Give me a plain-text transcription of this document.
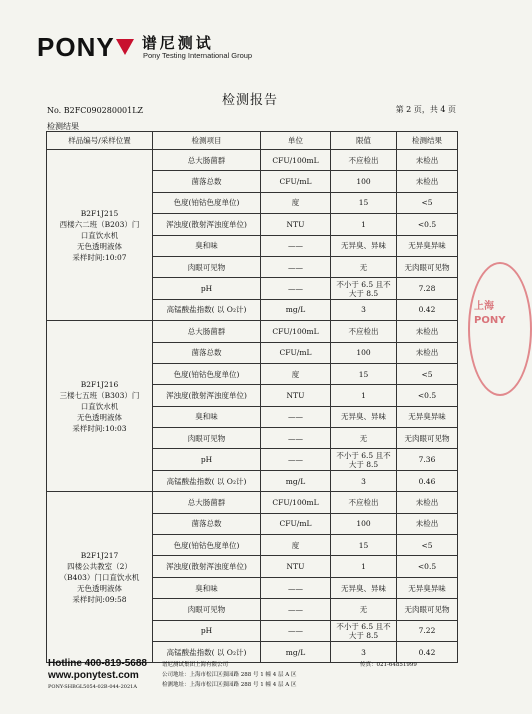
PONY 谱尼测试
Pony Testing International Group
检测报告
No. B2FC090280001LZ	第 2 页，共 4 页
检测结果
样品编号/采样位置	检测项目	单位	限值	检测结果

B2F1J215
西楼六二班（B203）门
口直饮水机
无色透明液体
采样时间:10:07	总大肠菌群	CFU/100mL	不应检出	未检出
	菌落总数	CFU/mL	100	未检出
	色度(铂钴色度单位)	度	15	<5
	浑浊度(散射浑浊度单位)	NTU	1	<0.5
	臭和味	——	无异臭、异味	无异臭异味
	肉眼可见物	——	无	无肉眼可见物
	pH	——	不小于 6.5 且不大于 8.5	7.28
	高锰酸盐指数( 以 O₂计)	mg/L	3	0.42

B2F1J216
三楼七五班（B303）门
口直饮水机
无色透明液体
采样时间:10:03	总大肠菌群	CFU/100mL	不应检出	未检出
	菌落总数	CFU/mL	100	未检出
	色度(铂钴色度单位)	度	15	<5
	浑浊度(散射浑浊度单位)	NTU	1	<0.5
	臭和味	——	无异臭、异味	无异臭异味
	肉眼可见物	——	无	无肉眼可见物
	pH	——	不小于 6.5 且不大于 8.5	7.36
	高锰酸盐指数( 以 O₂计)	mg/L	3	0.46

B2F1J217
四楼公共教室（2）
（B403）门口直饮水机
无色透明液体
采样时间:09:58	总大肠菌群	CFU/100mL	不应检出	未检出
	菌落总数	CFU/mL	100	未检出
	色度(铂钴色度单位)	度	15	<5
	浑浊度(散射浑浊度单位)	NTU	1	<0.5
	臭和味	——	无异臭、异味	无异臭异味
	肉眼可见物	——	无	无肉眼可见物
	pH	——	不小于 6.5 且不大于 8.5	7.22
	高锰酸盐指数( 以 O₂计)	mg/L	3	0.42
上海 PONY
Hotline 400-819-5688
www.ponytest.com
PONY-SHBGL5054-02B-044-2021A
谱尼测试集团上海有限公司
公司地址：上海市松江区强园路 288 号 1 幢 4 层 A 区
检测地址：上海市松江区强园路 288 号 1 幢 4 层 A 区
传真：021-64851999
